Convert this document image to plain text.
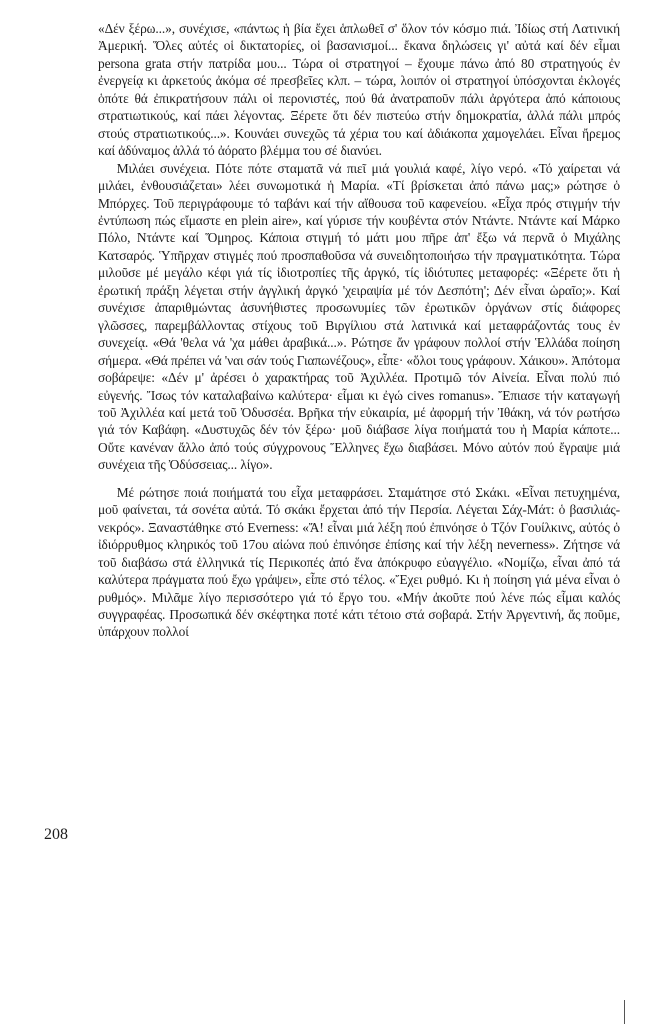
«Δέν ξέρω...», συνέχισε, «πάντως ἡ βία ἔχει ἁπλωθεῖ σ' ὅλον τόν κόσμο πιά. Ἰδίως στή Λατινική Ἀμερική. Ὅλες αὐτές οἱ δικτατορίες, οἱ βασανισμοί... ἔκανα δηλώσεις γι' αὐτά καί δέν εἶμαι persona grata στήν πατρίδα μου... Τώρα οἱ στρατηγοί – ἔχουμε πάνω ἀπό 80 στρατηγούς ἐν ἐνεργείᾳ κι ἀρκετούς ἀκόμα σέ πρεσβεῖες κλπ. – τώρα, λοιπόν οἱ στρατηγοί ὑπόσχονται ἐκλογές ὁπότε θά ἐπικρατήσουν πάλι οἱ περονιστές, πού θά ἀνατραποῦν πάλι ἀργότερα ἀπό κάποιους στρατιωτικούς, καί πάει λέγοντας. Ξέρετε ὅτι δέν πιστεύω στήν δημοκρατία, ἀλλά πάλι μπρός στούς στρατιωτικούς...». Κουνάει συνεχῶς τά χέρια του καί ἀδιάκοπα χαμογελάει. Εἶναι ἤρεμος καί ἀδύναμος ἀλλά τό ἀόρατο βλέμμα του σέ διανύει.

Μιλάει συνέχεια. Πότε πότε σταματᾶ νά πιεῖ μιά γουλιά καφέ, λίγο νερό. «Τό χαίρεται νά μιλάει, ἐνθουσιάζεται» λέει συνωμοτικά ἡ Μαρία. «Τί βρίσκεται ἀπό πάνω μας;» ρώτησε ὁ Μπόρχες. Τοῦ περιγράφουμε τό ταβάνι καί τήν αἴθουσα τοῦ καφενείου. «Εἶχα πρός στιγμήν τήν ἐντύπωση πώς εἴμαστε en plein aire», καί γύρισε τήν κουβέντα στόν Ντάντε. Ντάντε καί Μάρκο Πόλο, Ντάντε καί Ὅμηρος. Κάποια στιγμή τό μάτι μου πῆρε ἀπ' ἔξω νά περνᾶ ὁ Μιχάλης Κατσαρός. Ὑπῆρχαν στιγμές πού προσπαθοῦσα νά συνειδητοποιήσω τήν πραγματικότητα. Τώρα μιλοῦσε μέ μεγάλο κέφι γιά τίς ἰδιοτροπίες τῆς ἀργκό, τίς ἰδιότυπες μεταφορές: «Ξέρετε ὅτι ἡ ἐρωτική πράξη λέγεται στήν ἀγγλική ἀργκό 'χειραψία μέ τόν Δεσπότη'; Δέν εἶναι ὡραῖο;». Καί συνέχισε ἀπαριθμώντας ἀσυνήθιστες προσωνυμίες τῶν ἐρωτικῶν ὀργάνων στίς διάφορες γλῶσσες, παρεμβάλλοντας στίχους τοῦ Βιργίλιου στά λατινικά καί μεταφράζοντάς τους ἐν συνεχείᾳ. «Θά 'θελα νά 'χα μάθει ἀραβικά...». Ρώτησε ἄν γράφουν πολλοί στήν Ἑλλάδα ποίηση σήμερα. «Θά πρέπει νά 'ναι σάν τούς Γιαπωνέζους», εἶπε· «ὅλοι τους γράφουν. Χάικου». Ἀπότομα σοβάρεψε: «Δέν μ' ἀρέσει ὁ χαρακτήρας τοῦ Ἀχιλλέα. Προτιμῶ τόν Αἰνεία. Εἶναι πολύ πιό εὐγενής. Ἴσως τόν καταλαβαίνω καλύτερα· εἶμαι κι ἐγώ cives romanus». Ἔπιασε τήν καταγωγή τοῦ Ἀχιλλέα καί μετά τοῦ Ὀδυσσέα. Βρῆκα τήν εὐκαιρία, μέ ἀφορμή τήν Ἰθάκη, νά τόν ρωτήσω γιά τόν Καβάφη. «Δυστυχῶς δέν τόν ξέρω· μοῦ διάβασε λίγα ποιήματά του ἡ Μαρία κάποτε... Οὔτε κανέναν ἄλλο ἀπό τούς σύγχρονους Ἕλληνες ἔχω διαβάσει. Μόνο αὐτόν πού ἔγραψε μιά συνέχεια τῆς Ὀδύσσειας... λίγο».

Μέ ρώτησε ποιά ποιήματά του εἶχα μεταφράσει. Σταμάτησε στό Σκάκι. «Εἶναι πετυχημένα, μοῦ φαίνεται, τά σονέτα αὐτά. Τό σκάκι ἔρχεται ἀπό τήν Περσία. Λέγεται Σάχ-Μάτ: ὁ βασιλιάς-νεκρός». Ξαναστάθηκε στό Everness: «Ἄ! εἶναι μιά λέξη πού ἐπινόησε ὁ Τζόν Γουίλκινς, αὐτός ὁ ἰδιόρρυθμος κληρικός τοῦ 17ου αἰώνα πού ἐπινόησε ἐπίσης καί τήν λέξη neverness». Ζήτησε νά τοῦ διαβάσω στά ἑλληνικά τίς Περικοπές ἀπό ἕνα ἀπόκρυφο εὐαγγέλιο. «Νομίζω, εἶναι ἀπό τά καλύτερα πράγματα πού ἔχω γράψει», εἶπε στό τέλος. «Ἔχει ρυθμό. Κι ἡ ποίηση γιά μένα εἶναι ὁ ρυθμός». Μιλᾶμε λίγο περισσότερο γιά τό ἔργο του. «Μήν ἀκοῦτε πού λένε πώς εἶμαι καλός συγγραφέας. Προσωπικά δέν σκέφτηκα ποτέ κάτι τέτοιο στά σοβαρά. Στήν Ἀργεντινή, ἄς ποῦμε, ὑπάρχουν πολλοί

208
